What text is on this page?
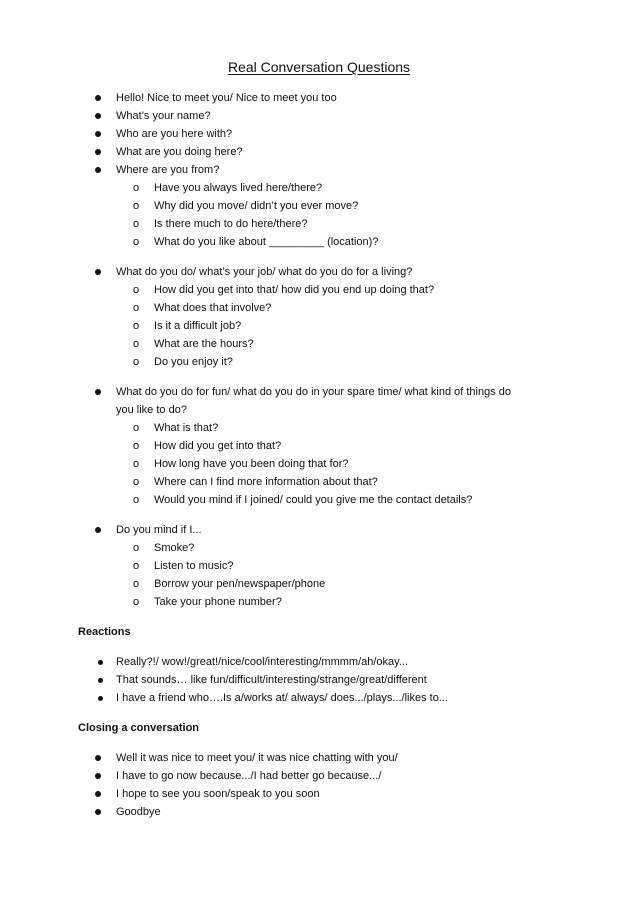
Real Conversation Questions
Hello! Nice to meet you/ Nice to meet you too
What’s your name?
Who are you here with?
What are you doing here?
Where are you from?
o Have you always lived here/there?
o Why did you move/ didn’t you ever move?
o Is there much to do here/there?
o What do you like about _________ (location)?
What do you do/ what’s your job/ what do you do for a living?
o How did you get into that/ how did you end up doing that?
o What does that involve?
o Is it a difficult job?
o What are the hours?
o Do you enjoy it?
What do you do for fun/ what do you do in your spare time/ what kind of things do
you like to do?
o What is that?
o How did you get into that?
o How long have you been doing that for?
o Where can I find more information about that?
o Would you mind if I joined/ could you give me the contact details?
Do you mind if I...
o Smoke?
o Listen to music?
o Borrow your pen/newspaper/phone
o Take your phone number?
Reactions
Really?!/ wow!/great!/nice/cool/interesting/mmmm/ah/okay...
That sounds… like fun/difficult/interesting/strange/great/different
I have a friend who….Is a/works at/ always/ does.../plays.../likes to...
Closing a conversation
Well it was nice to meet you/ it was nice chatting with you/
I have to go now because.../I had better go because.../
I hope to see you soon/speak to you soon
Goodbye
